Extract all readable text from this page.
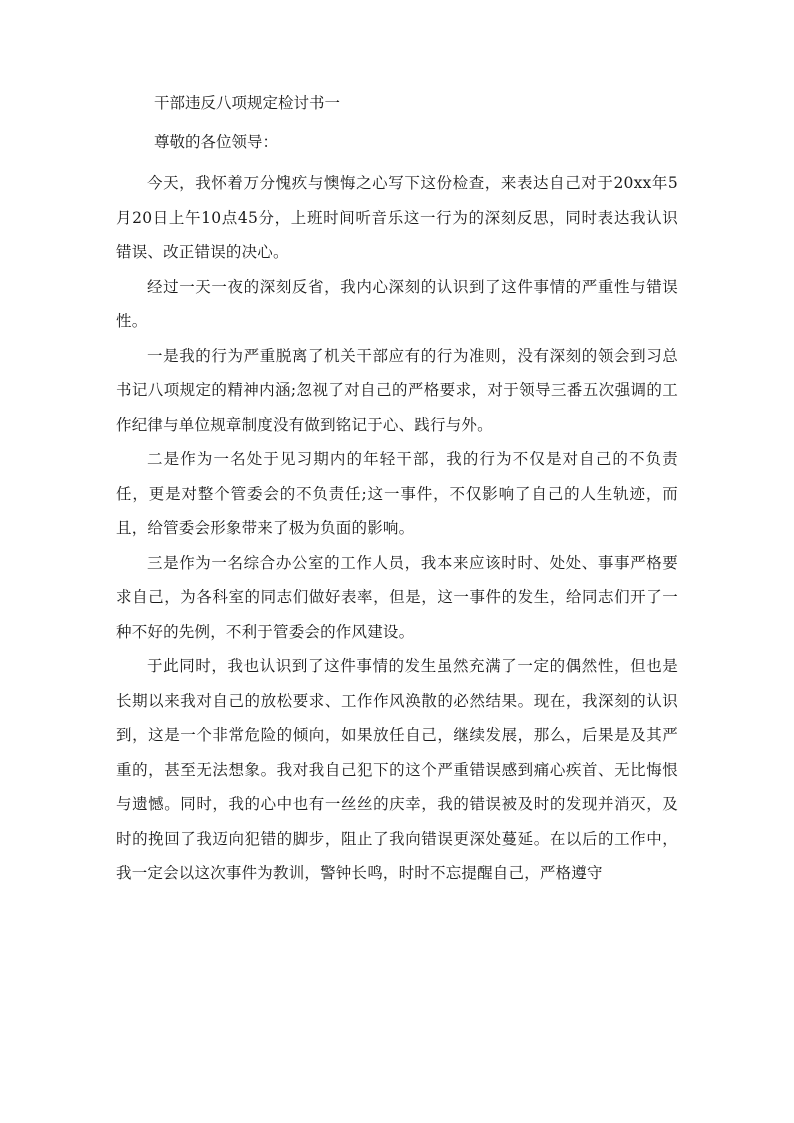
干部违反八项规定检讨书一
尊敬的各位领导：

今天，我怀着万分愧疚与懊悔之心写下这份检查，来表达自己对于20xx年5月20日上午10点45分，上班时间听音乐这一行为的深刻反思，同时表达我认识错误、改正错误的决心。

经过一天一夜的深刻反省，我内心深刻的认识到了这件事情的严重性与错误性。

一是我的行为严重脱离了机关干部应有的行为准则，没有深刻的领会到习总书记八项规定的精神内涵;忽视了对自己的严格要求，对于领导三番五次强调的工作纪律与单位规章制度没有做到铭记于心、践行与外。

二是作为一名处于见习期内的年轻干部，我的行为不仅是对自己的不负责任，更是对整个管委会的不负责任;这一事件，不仅影响了自己的人生轨迹，而且，给管委会形象带来了极为负面的影响。

三是作为一名综合办公室的工作人员，我本来应该时时、处处、事事严格要求自己，为各科室的同志们做好表率，但是，这一事件的发生，给同志们开了一种不好的先例，不利于管委会的作风建设。

于此同时，我也认识到了这件事情的发生虽然充满了一定的偶然性，但也是长期以来我对自己的放松要求、工作作风涣散的必然结果。现在，我深刻的认识到，这是一个非常危险的倾向，如果放任自己，继续发展，那么，后果是及其严重的，甚至无法想象。我对我自己犯下的这个严重错误感到痛心疾首、无比悔恨与遗憾。同时，我的心中也有一丝丝的庆幸，我的错误被及时的发现并消灭，及时的挽回了我迈向犯错的脚步，阻止了我向错误更深处蔓延。在以后的工作中，我一定会以这次事件为教训，警钟长鸣，时时不忘提醒自己，严格遵守
